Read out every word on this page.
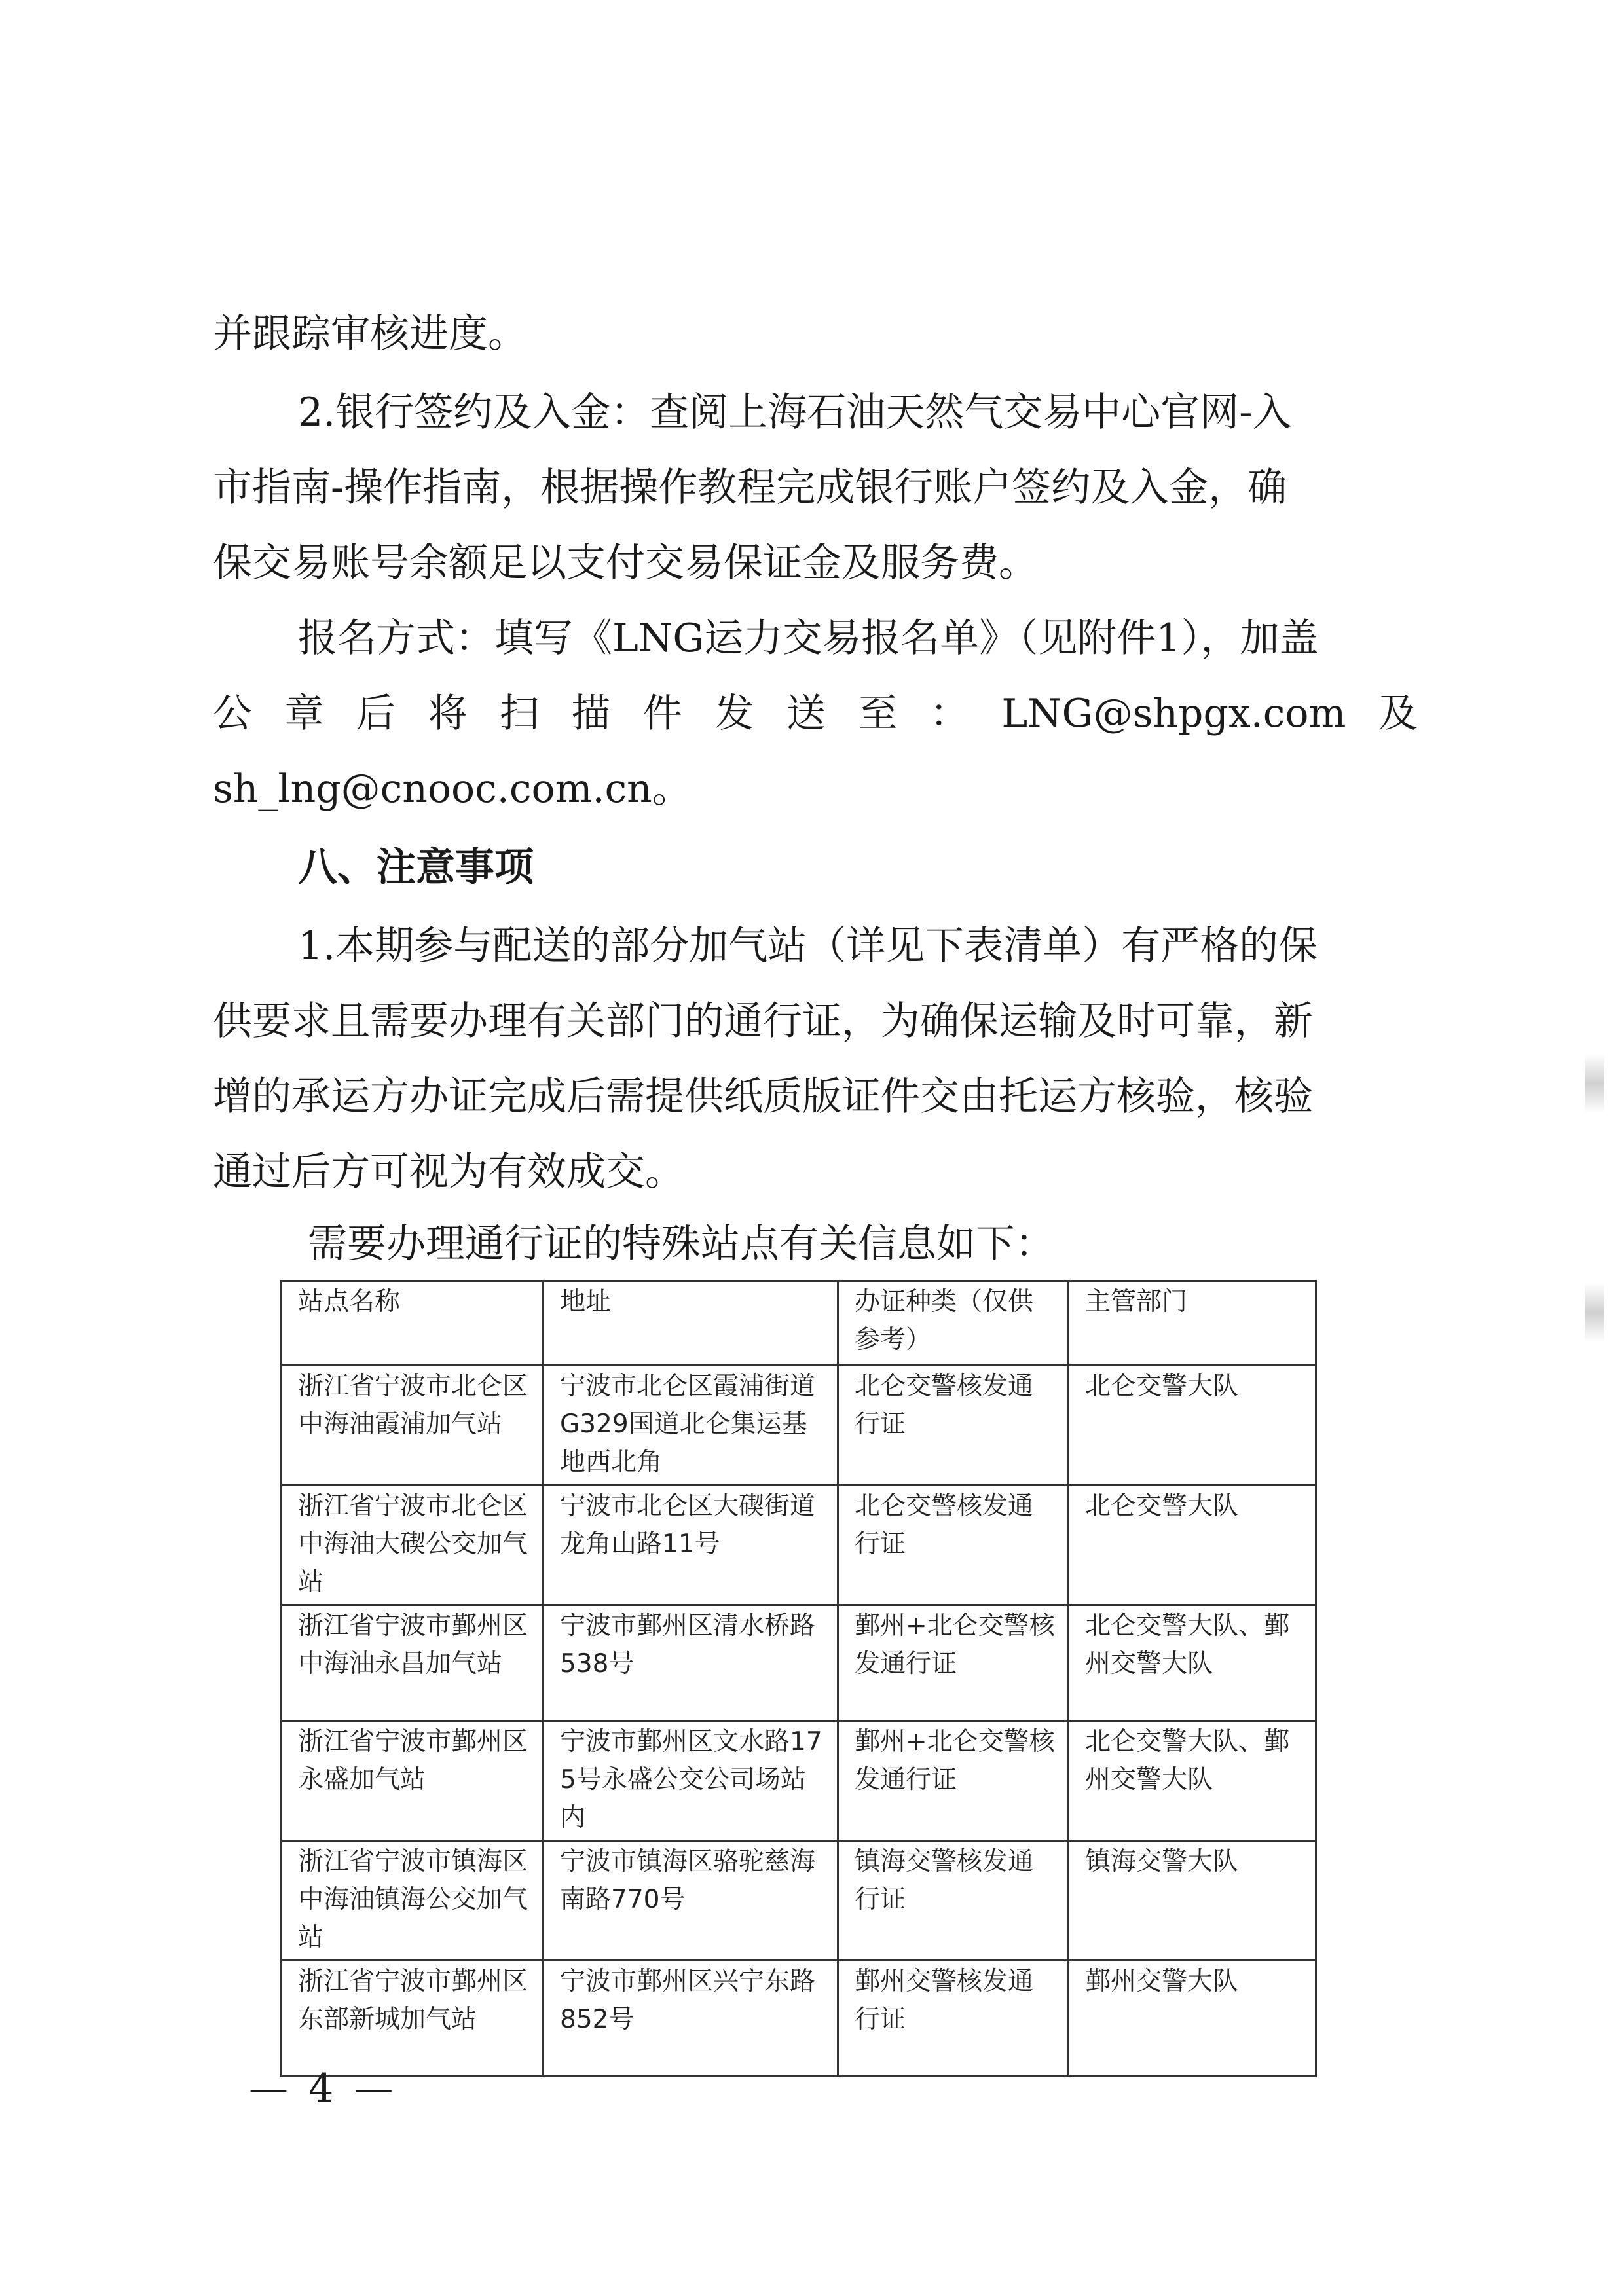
并跟踪审核进度。
2.银行签约及入金：查阅上海石油天然气交易中心官网-入
市指南-操作指南，根据操作教程完成银行账户签约及入金，确
保交易账号余额足以支付交易保证金及服务费。
报名方式：填写《LNG运力交易报名单》（见附件1），加盖
公 章 后 将 扫 描 件 发 送 至 ： LNG@shpgx.com 及
sh_lng@cnooc.com.cn。
八、注意事项
1.本期参与配送的部分加气站（详见下表清单）有严格的保
供要求且需要办理有关部门的通行证，为确保运输及时可靠，新
增的承运方办证完成后需提供纸质版证件交由托运方核验，核验
通过后方可视为有效成交。
需要办理通行证的特殊站点有关信息如下：
站点名称	地址	办证种类（仅供参考）	主管部门
浙江省宁波市北仑区中海油霞浦加气站	宁波市北仑区霞浦街道G329国道北仑集运基地西北角	北仑交警核发通行证	北仑交警大队
浙江省宁波市北仑区中海油大碶公交加气站	宁波市北仑区大碶街道龙角山路11号	北仑交警核发通行证	北仑交警大队
浙江省宁波市鄞州区中海油永昌加气站	宁波市鄞州区清水桥路538号	鄞州+北仑交警核发通行证	北仑交警大队、鄞州交警大队
浙江省宁波市鄞州区永盛加气站	宁波市鄞州区文水路175号永盛公交公司场站内	鄞州+北仑交警核发通行证	北仑交警大队、鄞州交警大队
浙江省宁波市镇海区中海油镇海公交加气站	宁波市镇海区骆驼慈海南路770号	镇海交警核发通行证	镇海交警大队
浙江省宁波市鄞州区东部新城加气站	宁波市鄞州区兴宁东路852号	鄞州交警核发通行证	鄞州交警大队
— 4 —
